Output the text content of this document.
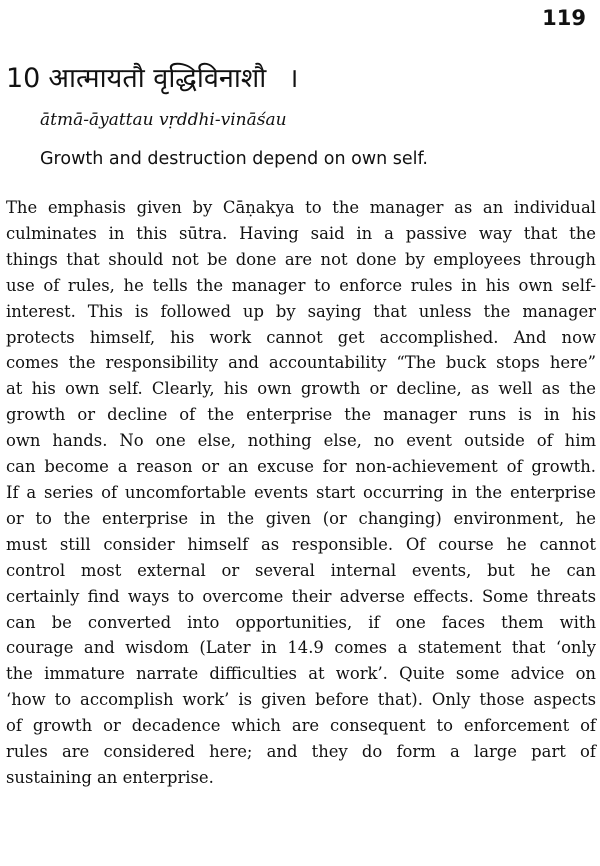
119
10 आत्मायतौ वृद्धिविनाशौ ।
ātmā-āyattau vṛddhi-vināśau
Growth and destruction depend on own self.
The emphasis given by Cāṇakya to the manager as an individual
culminates in this sūtra. Having said in a passive way that the
things that should not be done are not done by employees through
use of rules, he tells the manager to enforce rules in his own self-
interest. This is followed up by saying that unless the manager
protects himself, his work cannot get accomplished. And now
comes the responsibility and accountability “The buck stops here”
at his own self. Clearly, his own growth or decline, as well as the
growth or decline of the enterprise the manager runs is in his
own hands. No one else, nothing else, no event outside of him
can become a reason or an excuse for non-achievement of growth.
If a series of uncomfortable events start occurring in the enterprise
or to the enterprise in the given (or changing) environment, he
must still consider himself as responsible. Of course he cannot
control most external or several internal events, but he can
certainly find ways to overcome their adverse effects. Some threats
can be converted into opportunities, if one faces them with
courage and wisdom (Later in 14.9 comes a statement that ‘only
the immature narrate difficulties at work’. Quite some advice on
‘how to accomplish work’ is given before that). Only those aspects
of growth or decadence which are consequent to enforcement of
rules are considered here; and they do form a large part of
sustaining an enterprise.
